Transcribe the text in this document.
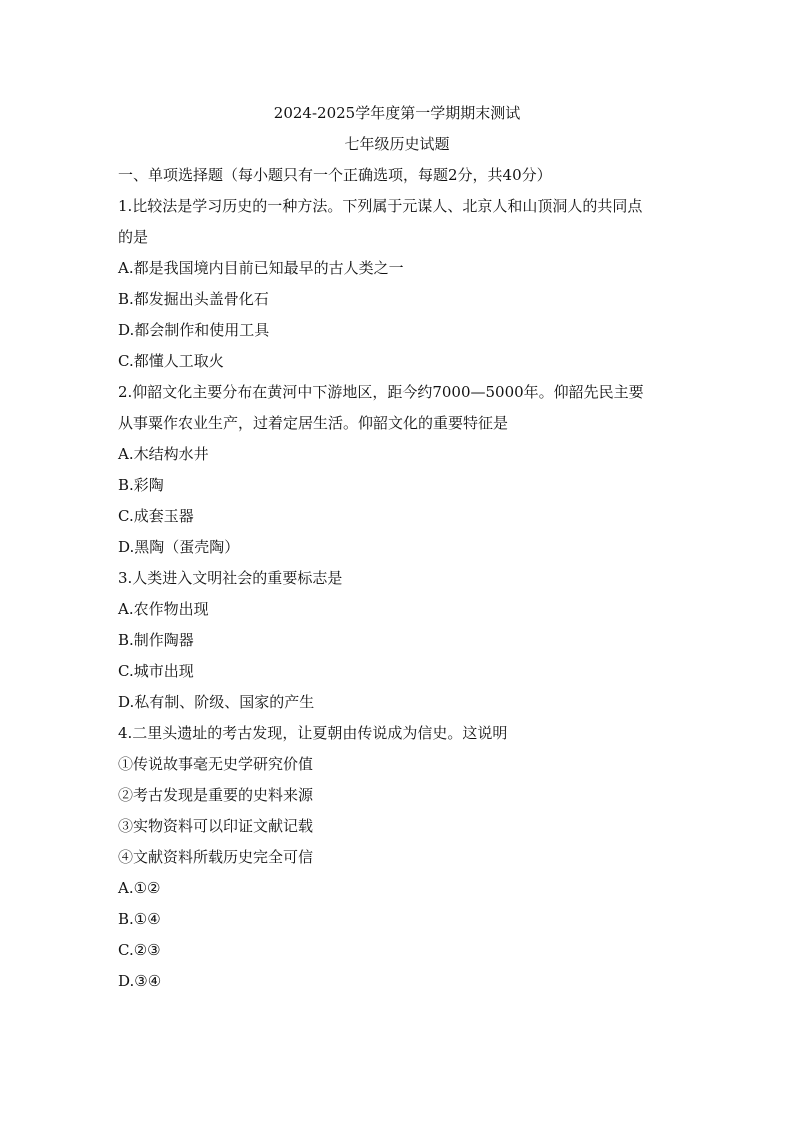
2024-2025学年度第一学期期末测试
七年级历史试题
一、单项选择题（每小题只有一个正确选项，每题2分，共40分）
1.比较法是学习历史的一种方法。下列属于元谋人、北京人和山顶洞人的共同点
的是
A.都是我国境内目前已知最早的古人类之一
B.都发掘出头盖骨化石
D.都会制作和使用工具
C.都懂人工取火
2.仰韶文化主要分布在黄河中下游地区，距今约7000—5000年。仰韶先民主要
从事粟作农业生产，过着定居生活。仰韶文化的重要特征是
A.木结构水井
B.彩陶
C.成套玉器
D.黑陶（蛋壳陶）
3.人类进入文明社会的重要标志是
A.农作物出现
B.制作陶器
C.城市出现
D.私有制、阶级、国家的产生
4.二里头遗址的考古发现，让夏朝由传说成为信史。这说明
①传说故事毫无史学研究价值
②考古发现是重要的史料来源
③实物资料可以印证文献记载
④文献资料所载历史完全可信
A.①②
B.①④
C.②③
D.③④
